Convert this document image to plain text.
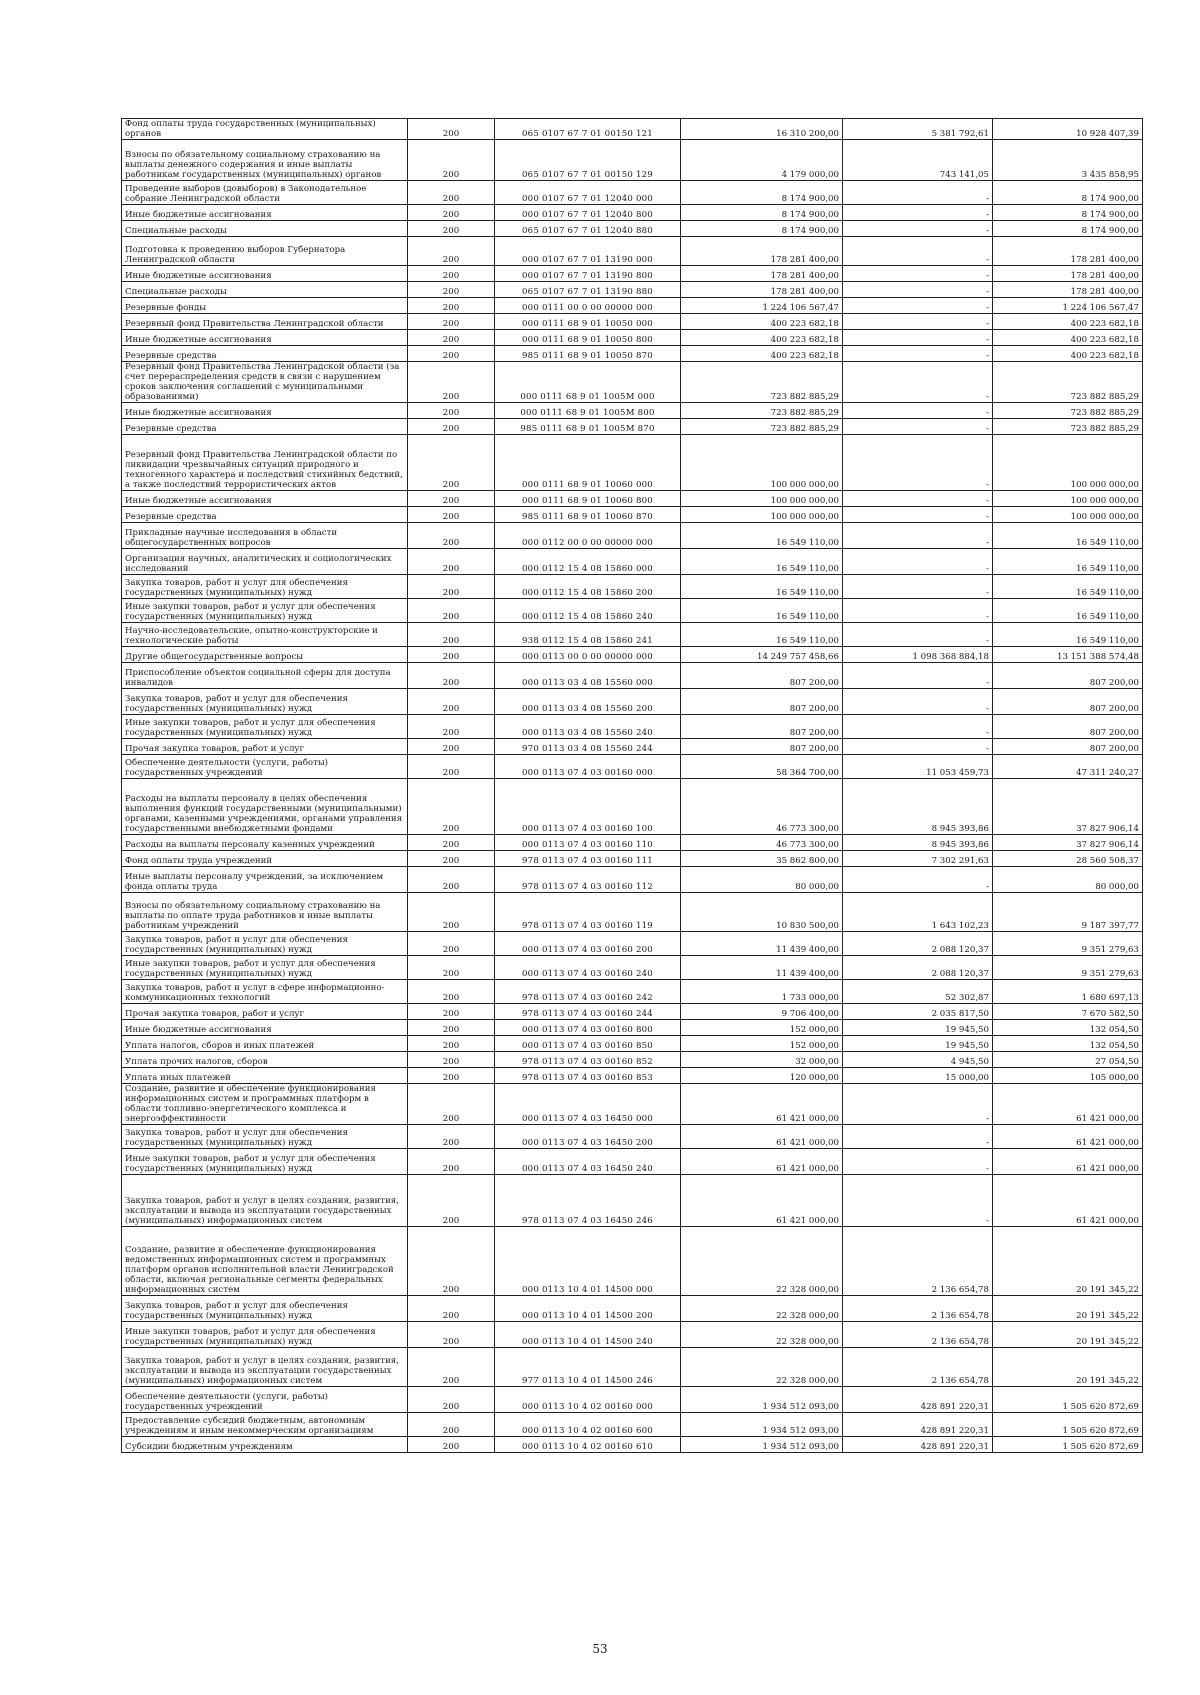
Фонд оплаты труда государственных (муниципальных) органов	200	065 0107 67 7 01 00150 121	16 310 200,00	5 381 792,61	10 928 407,39
Взносы по обязательному социальному страхованию на выплаты денежного содержания и иные выплаты работникам государственных (муниципальных) органов	200	065 0107 67 7 01 00150 129	4 179 000,00	743 141,05	3 435 858,95
Проведение выборов (довыборов) в Законодательное собрание Ленинградской области	200	000 0107 67 7 01 12040 000	8 174 900,00	-	8 174 900,00
Иные бюджетные ассигнования	200	000 0107 67 7 01 12040 800	8 174 900,00	-	8 174 900,00
Специальные расходы	200	065 0107 67 7 01 12040 880	8 174 900,00	-	8 174 900,00
Подготовка к проведению выборов Губернатора Ленинградской области	200	000 0107 67 7 01 13190 000	178 281 400,00	-	178 281 400,00
Иные бюджетные ассигнования	200	000 0107 67 7 01 13190 800	178 281 400,00	-	178 281 400,00
Специальные расходы	200	065 0107 67 7 01 13190 880	178 281 400,00	-	178 281 400,00
Резервные фонды	200	000 0111 00 0 00 00000 000	1 224 106 567,47	-	1 224 106 567,47
Резервный фонд Правительства Ленинградской области	200	000 0111 68 9 01 10050 000	400 223 682,18	-	400 223 682,18
Иные бюджетные ассигнования	200	000 0111 68 9 01 10050 800	400 223 682,18	-	400 223 682,18
Резервные средства	200	985 0111 68 9 01 10050 870	400 223 682,18	-	400 223 682,18
Резервный фонд Правительства Ленинградской области (за счет перераспределения средств в связи с нарушением сроков заключения соглашений с муниципальными образованиями)	200	000 0111 68 9 01 1005М 000	723 882 885,29	-	723 882 885,29
Иные бюджетные ассигнования	200	000 0111 68 9 01 1005М 800	723 882 885,29	-	723 882 885,29
Резервные средства	200	985 0111 68 9 01 1005М 870	723 882 885,29	-	723 882 885,29
Резервный фонд Правительства Ленинградской области по ликвидации чрезвычайных ситуаций природного и техногенного характера и последствий стихийных бедствий, а также последствий террористических актов	200	000 0111 68 9 01 10060 000	100 000 000,00	-	100 000 000,00
Иные бюджетные ассигнования	200	000 0111 68 9 01 10060 800	100 000 000,00	-	100 000 000,00
Резервные средства	200	985 0111 68 9 01 10060 870	100 000 000,00	-	100 000 000,00
Прикладные научные исследования в области общегосударственных вопросов	200	000 0112 00 0 00 00000 000	16 549 110,00	-	16 549 110,00
Организация научных, аналитических и социологических исследований	200	000 0112 15 4 08 15860 000	16 549 110,00	-	16 549 110,00
Закупка товаров, работ и услуг для обеспечения государственных (муниципальных) нужд	200	000 0112 15 4 08 15860 200	16 549 110,00	-	16 549 110,00
Иные закупки товаров, работ и услуг для обеспечения государственных (муниципальных) нужд	200	000 0112 15 4 08 15860 240	16 549 110,00	-	16 549 110,00
Научно-исследовательские, опытно-конструкторские и технологические работы	200	938 0112 15 4 08 15860 241	16 549 110,00	-	16 549 110,00
Другие общегосударственные вопросы	200	000 0113 00 0 00 00000 000	14 249 757 458,66	1 098 368 884,18	13 151 388 574,48
Приспособление объектов социальной сферы для доступа инвалидов	200	000 0113 03 4 08 15560 000	807 200,00	-	807 200,00
Закупка товаров, работ и услуг для обеспечения государственных (муниципальных) нужд	200	000 0113 03 4 08 15560 200	807 200,00	-	807 200,00
Иные закупки товаров, работ и услуг для обеспечения государственных (муниципальных) нужд	200	000 0113 03 4 08 15560 240	807 200,00	-	807 200,00
Прочая закупка товаров, работ и услуг	200	970 0113 03 4 08 15560 244	807 200,00	-	807 200,00
Обеспечение деятельности (услуги, работы) государственных учреждений	200	000 0113 07 4 03 00160 000	58 364 700,00	11 053 459,73	47 311 240,27
Расходы на выплаты персоналу в целях обеспечения выполнения функций государственными (муниципальными) органами, казенными учреждениями, органами управления государственными внебюджетными фондами	200	000 0113 07 4 03 00160 100	46 773 300,00	8 945 393,86	37 827 906,14
Расходы на выплаты персоналу казенных учреждений	200	000 0113 07 4 03 00160 110	46 773 300,00	8 945 393,86	37 827 906,14
Фонд оплаты труда учреждений	200	978 0113 07 4 03 00160 111	35 862 800,00	7 302 291,63	28 560 508,37
Иные выплаты персоналу учреждений, за исключением фонда оплаты труда	200	978 0113 07 4 03 00160 112	80 000,00	-	80 000,00
Взносы по обязательному социальному страхованию на выплаты по оплате труда работников и иные выплаты работникам учреждений	200	978 0113 07 4 03 00160 119	10 830 500,00	1 643 102,23	9 187 397,77
Закупка товаров, работ и услуг для обеспечения государственных (муниципальных) нужд	200	000 0113 07 4 03 00160 200	11 439 400,00	2 088 120,37	9 351 279,63
Иные закупки товаров, работ и услуг для обеспечения государственных (муниципальных) нужд	200	000 0113 07 4 03 00160 240	11 439 400,00	2 088 120,37	9 351 279,63
Закупка товаров, работ и услуг в сфере информационно-коммуникационных технологий	200	978 0113 07 4 03 00160 242	1 733 000,00	52 302,87	1 680 697,13
Прочая закупка товаров, работ и услуг	200	978 0113 07 4 03 00160 244	9 706 400,00	2 035 817,50	7 670 582,50
Иные бюджетные ассигнования	200	000 0113 07 4 03 00160 800	152 000,00	19 945,50	132 054,50
Уплата налогов, сборов и иных платежей	200	000 0113 07 4 03 00160 850	152 000,00	19 945,50	132 054,50
Уплата прочих налогов, сборов	200	978 0113 07 4 03 00160 852	32 000,00	4 945,50	27 054,50
Уплата иных платежей	200	978 0113 07 4 03 00160 853	120 000,00	15 000,00	105 000,00
Создание, развитие и обеспечение функционирования информационных систем и программных платформ в области топливно-энергетического комплекса и энергоэффективности	200	000 0113 07 4 03 16450 000	61 421 000,00	-	61 421 000,00
Закупка товаров, работ и услуг для обеспечения государственных (муниципальных) нужд	200	000 0113 07 4 03 16450 200	61 421 000,00	-	61 421 000,00
Иные закупки товаров, работ и услуг для обеспечения государственных (муниципальных) нужд	200	000 0113 07 4 03 16450 240	61 421 000,00	-	61 421 000,00
Закупка товаров, работ и услуг в целях создания, развития, эксплуатации и вывода из эксплуатации государственных (муниципальных) информационных систем	200	978 0113 07 4 03 16450 246	61 421 000,00	-	61 421 000,00
Создание, развитие и обеспечение функционирования ведомственных информационных систем и программных платформ органов исполнительной власти Ленинградской области, включая региональные сегменты федеральных информационных систем	200	000 0113 10 4 01 14500 000	22 328 000,00	2 136 654,78	20 191 345,22
Закупка товаров, работ и услуг для обеспечения государственных (муниципальных) нужд	200	000 0113 10 4 01 14500 200	22 328 000,00	2 136 654,78	20 191 345,22
Иные закупки товаров, работ и услуг для обеспечения государственных (муниципальных) нужд	200	000 0113 10 4 01 14500 240	22 328 000,00	2 136 654,78	20 191 345,22
Закупка товаров, работ и услуг в целях создания, развития, эксплуатации и вывода из эксплуатации государственных (муниципальных) информационных систем	200	977 0113 10 4 01 14500 246	22 328 000,00	2 136 654,78	20 191 345,22
Обеспечение деятельности (услуги, работы) государственных учреждений	200	000 0113 10 4 02 00160 000	1 934 512 093,00	428 891 220,31	1 505 620 872,69
Предоставление субсидий бюджетным, автономным учреждениям и иным некоммерческим организациям	200	000 0113 10 4 02 00160 600	1 934 512 093,00	428 891 220,31	1 505 620 872,69
Субсидии бюджетным учреждениям	200	000 0113 10 4 02 00160 610	1 934 512 093,00	428 891 220,31	1 505 620 872,69
53
